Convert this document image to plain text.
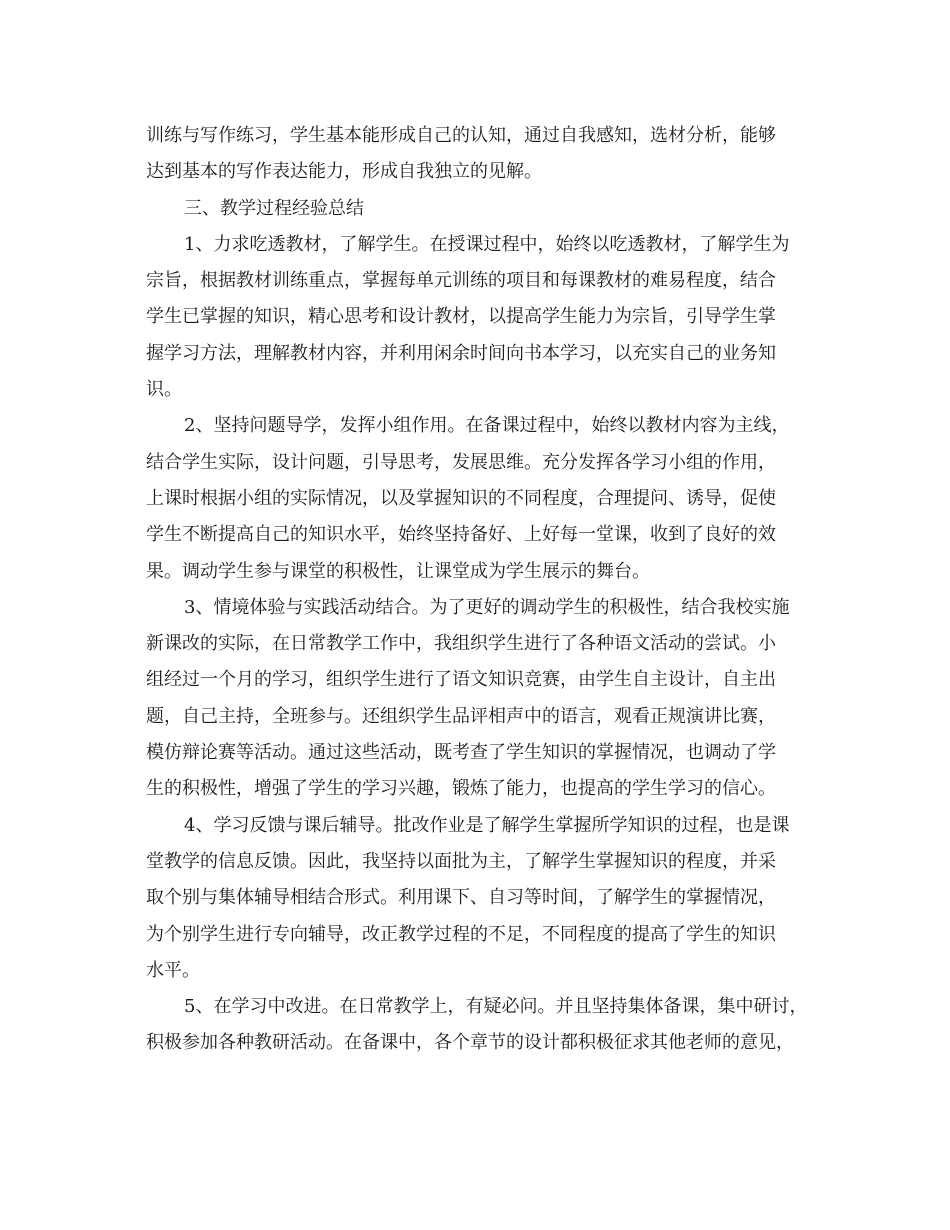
训练与写作练习，学生基本能形成自己的认知，通过自我感知，选材分析，能够
达到基本的写作表达能力，形成自我独立的见解。
三、教学过程经验总结
1、力求吃透教材，了解学生。在授课过程中，始终以吃透教材，了解学生为
宗旨，根据教材训练重点，掌握每单元训练的项目和每课教材的难易程度，结合
学生已掌握的知识，精心思考和设计教材，以提高学生能力为宗旨，引导学生掌
握学习方法，理解教材内容，并利用闲余时间向书本学习，以充实自己的业务知
识。
2、坚持问题导学，发挥小组作用。在备课过程中，始终以教材内容为主线，
结合学生实际，设计问题，引导思考，发展思维。充分发挥各学习小组的作用，
上课时根据小组的实际情况，以及掌握知识的不同程度，合理提问、诱导，促使
学生不断提高自己的知识水平，始终坚持备好、上好每一堂课，收到了良好的效
果。调动学生参与课堂的积极性，让课堂成为学生展示的舞台。
3、情境体验与实践活动结合。为了更好的调动学生的积极性，结合我校实施
新课改的实际，在日常教学工作中，我组织学生进行了各种语文活动的尝试。小
组经过一个月的学习，组织学生进行了语文知识竞赛，由学生自主设计，自主出
题，自己主持，全班参与。还组织学生品评相声中的语言，观看正规演讲比赛，
模仿辩论赛等活动。通过这些活动，既考查了学生知识的掌握情况，也调动了学
生的积极性，增强了学生的学习兴趣，锻炼了能力，也提高的学生学习的信心。
4、学习反馈与课后辅导。批改作业是了解学生掌握所学知识的过程，也是课
堂教学的信息反馈。因此，我坚持以面批为主，了解学生掌握知识的程度，并采
取个别与集体辅导相结合形式。利用课下、自习等时间，了解学生的掌握情况，
为个别学生进行专向辅导，改正教学过程的不足，不同程度的提高了学生的知识
水平。
5、在学习中改进。在日常教学上，有疑必问。并且坚持集体备课，集中研讨，
积极参加各种教研活动。在备课中，各个章节的设计都积极征求其他老师的意见，
